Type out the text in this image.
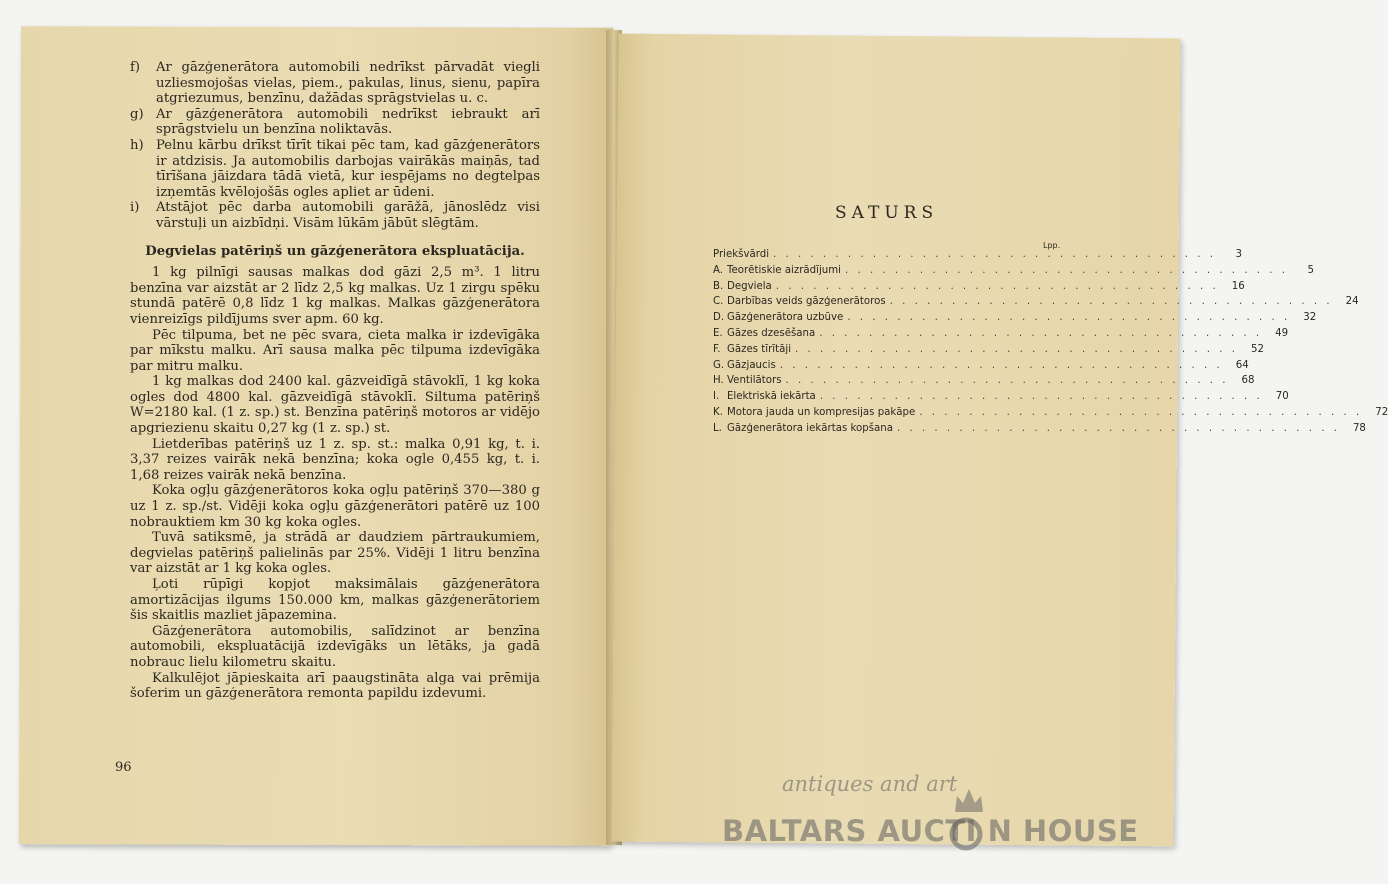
f)	Ar gāzģenerātora automobili nedrīkst pārvadāt viegli uzliesmojošas vielas, piem., pakulas, linus, sienu, papīra atgriezumus, benzīnu, dažādas sprāgstvielas u. c.
g) Ar gāzģenerātora automobili nedrīkst iebraukt arī sprāgstvielu un benzīna noliktavās.
h) Pelnu kārbu drīkst tīrīt tikai pēc tam, kad gāzģenerātors ir atdzisis. Ja automobilis darbojas vairākās maiņās, tad tīrīšana jāizdara tādā vietā, kur iespējams no degtelpas izņemtās kvēlojošās ogles apliet ar ūdeni.
i)	Atstājot pēc darba automobili garāžā, jānoslēdz visi vārstuļi un aizbīdņi. Visām lūkām jābūt slēgtām.
Degvielas patēriņš un gāzģenerātora ekspluatācija.

1 kg pilnīgi sausas malkas dod gāzi 2,5 m³. 1 litru benzīna var aizstāt ar 2 līdz 2,5 kg malkas. Uz 1 zirgu spēku stundā patērē 0,8 līdz 1 kg malkas. Malkas gāzģenerātora vienreizīgs pildījums sver apm. 60 kg.

Pēc tilpuma, bet ne pēc svara, cieta malka ir izdevīgāka par mīkstu malku. Arī sausa malka pēc tilpuma izdevīgāka par mitru malku.

1 kg malkas dod 2400 kal. gāzveidīgā stāvoklī, 1 kg koka ogles dod 4800 kal. gāzveidīgā stāvoklī. Siltuma patēriņš W=2180 kal. (1 z. sp.) st. Benzīna patēriņš motoros ar vidējo apgriezienu skaitu 0,27 kg (1 z. sp.) st.

Lietderības patēriņš uz 1 z. sp. st.: malka 0,91 kg, t. i. 3,37 reizes vairāk nekā benzīna; koka ogle 0,455 kg, t. i. 1,68 reizes vairāk nekā benzīna.

Koka ogļu gāzģenerātoros koka ogļu patēriņš 370—380 g uz 1 z. sp./st. Vidēji koka ogļu gāzģenerātori patērē uz 100 nobrauktiem km 30 kg koka ogles.

Tuvā satiksmē, ja strādā ar daudziem pārtraukumiem, degvielas patēriņš palielinās par 25%. Vidēji 1 litru benzīna var aizstāt ar 1 kg koka ogles.

Ļoti rūpīgi kopjot maksimālais gāzģenerātora amortizācijas ilgums 150.000 km, malkas gāzģenerātoriem šis skaitlis mazliet jāpazemina.

Gāzģenerātora automobilis, salīdzinot ar benzīna automobili, ekspluatācijā izdevīgāks un lētāks, ja gadā nobrauc lielu kilometru skaitu.

Kalkulējot jāpieskaita arī paaugstināta alga vai prēmija šoferim un gāzģenerātora remonta papildu izdevumi.

96
SATURS
Lpp.
Priekšvārdi . . . . . . . . . . . . . . . . . . . . . . . . . . . . . . . . . . . .	3
A. Teorētiskie aizrādījumi . . . . . . . . . . . . . . . . . . . . . . . . . . . . . . . . . . . .	5
B. Degviela . . . . . . . . . . . . . . . . . . . . . . . . . . . . . . . . . . . .	16
C. Darbības veids gāzģenerātoros . . . . . . . . . . . . . . . . . . . . . . . . . . . . . . . . . . . .	24
D. Gāzģenerātora uzbūve . . . . . . . . . . . . . . . . . . . . . . . . . . . . . . . . . . . .	32
E. Gāzes dzesēšana . . . . . . . . . . . . . . . . . . . . . . . . . . . . . . . . . . . .	49
F. Gāzes tīrītāji . . . . . . . . . . . . . . . . . . . . . . . . . . . . . . . . . . . .	52
G. Gāzjaucis . . . . . . . . . . . . . . . . . . . . . . . . . . . . . . . . . . . .	64
H. Ventilātors . . . . . . . . . . . . . . . . . . . . . . . . . . . . . . . . . . . .	68
I. Elektriskā iekārta . . . . . . . . . . . . . . . . . . . . . . . . . . . . . . . . . . . .	70
K. Motora jauda un kompresijas pakāpe . . . . . . . . . . . . . . . . . . . . . . . . . . . . . . . . . . . .	72
L. Gāzģenerātora iekārtas kopšana . . . . . . . . . . . . . . . . . . . . . . . . . . . . . . . . . . . .	78
antiques and art
BALTARS AUCTI N HOUSE
